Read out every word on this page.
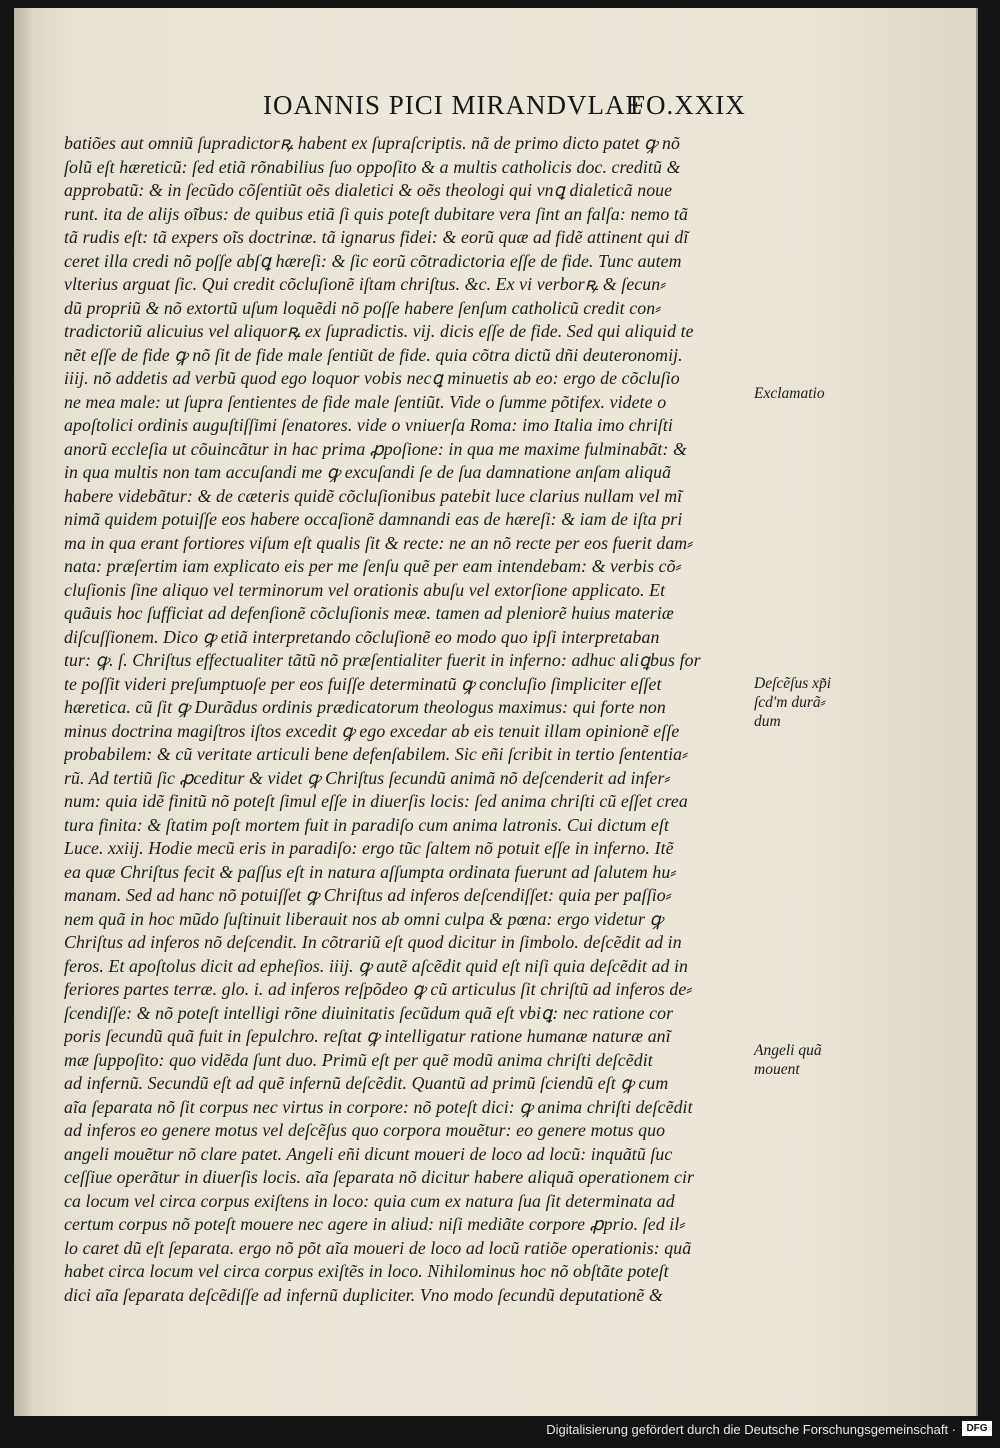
IOANNIS PICI MIRANDVLAE
FO.XXIX
batiões aut omniũ ſupradictorꝶ habent ex ſupraſcriptis. nã de primo dicto patet ꝙ nõ
ſolũ eſt hæreticũ: ſed etiã rõnabilius ſuo oppoſito & a multis catholicis doc. creditũ &
approbatũ: & in ſecũdo cõſentiũt oẽs dialetici & oẽs theologi qui vnꝗ dialeticã noue
runt. ita de alijs oĩbus: de quibus etiã ſi quis poteſt dubitare vera ſint an falſa: nemo tã
tã rudis eſt: tã expers oĩs doctrinæ. tã ignarus fidei: & eorũ quæ ad fidẽ attinent qui dĩ
ceret illa credi nõ poſſe abſꝗ hæreſi: & ſic eorũ cõtradictoria eſſe de fide. Tunc autem
vlterius arguat ſic. Qui credit cõcluſionẽ iſtam chriſtus. &c. Ex vi verborꝶ & ſecun⸗
dũ propriũ & nõ extortũ uſum loquẽdi nõ poſſe habere ſenſum catholicũ credit con⸗
tradictoriũ alicuius vel aliquorꝶ ex ſupradictis. vij. dicis eſſe de fide. Sed qui aliquid te
nẽt eſſe de fide ꝙ nõ ſit de fide male ſentiũt de fide. quia cõtra dictũ dñi deuteronomij.
iiij. nõ addetis ad verbũ quod ego loquor vobis necꝗ minuetis ab eo: ergo de cõcluſio
ne mea male: ut ſupra ſentientes de fide male ſentiũt. Vide o ſumme põtifex. videte o
apoſtolici ordinis auguſtiſſimi ſenatores. vide o vniuerſa Roma: imo Italia imo chriſti
anorũ eccleſia ut cõuincãtur in hac prima ꝓpoſione: in qua me maxime fulminabãt: &
in qua multis non tam accuſandi me ꝙ excuſandi ſe de ſua damnatione anſam aliquã
habere videbãtur: & de cæteris quidẽ cõcluſionibus patebit luce clarius nullam vel mĩ
nimã quidem potuiſſe eos habere occaſionẽ damnandi eas de hæreſi: & iam de iſta pri
ma in qua erant fortiores viſum eſt qualis ſit & recte: ne an nõ recte per eos fuerit dam⸗
nata: præſertim iam explicato eis per me ſenſu quẽ per eam intendebam: & verbis cõ⸗
cluſionis ſine aliquo vel terminorum vel orationis abuſu vel extorſione applicato. Et
quãuis hoc ſufficiat ad defenſionẽ cõcluſionis meæ. tamen ad pleniorẽ huius materiæ
diſcuſſionem. Dico ꝙ etiã interpretando cõcluſionẽ eo modo quo ipſi interpretaban
tur: ꝙ. ſ. Chriſtus effectualiter tãtũ nõ præſentialiter fuerit in inferno: adhuc aliꝗbus for
te poſſit videri preſumptuoſe per eos fuiſſe determinatũ ꝙ concluſio ſimpliciter eſſet
hæretica. cũ ſit ꝙ Durãdus ordinis prædicatorum theologus maximus: qui forte non
minus doctrina magiſtros iſtos excedit ꝙ ego excedar ab eis tenuit illam opinionẽ eſſe
probabilem: & cũ veritate articuli bene defenſabilem. Sic eñi ſcribit in tertio ſententia⸗
rũ. Ad tertiũ ſic ꝓceditur & videt ꝙ Chriſtus ſecundũ animã nõ deſcenderit ad infer⸗
num: quia idẽ finitũ nõ poteſt ſimul eſſe in diuerſis locis: ſed anima chriſti cũ eſſet crea
tura finita: & ſtatim poſt mortem fuit in paradiſo cum anima latronis. Cui dictum eſt
Luce. xxiij. Hodie mecũ eris in paradiſo: ergo tũc ſaltem nõ potuit eſſe in inferno. Itẽ
ea quæ Chriſtus fecit & paſſus eſt in natura aſſumpta ordinata fuerunt ad ſalutem hu⸗
manam. Sed ad hanc nõ potuiſſet ꝙ Chriſtus ad inferos deſcendiſſet: quia per paſſio⸗
nem quã in hoc mũdo ſuſtinuit liberauit nos ab omni culpa & pœna: ergo videtur ꝙ
Chriſtus ad inferos nõ deſcendit. In cõtrariũ eſt quod dicitur in ſimbolo. deſcẽdit ad in
feros. Et apoſtolus dicit ad epheſios. iiij. ꝙ autẽ aſcẽdit quid eſt niſi quia deſcẽdit ad in
feriores partes terræ. glo. i. ad inferos reſpõdeo ꝙ cũ articulus ſit chriſtũ ad inferos de⸗
ſcendiſſe: & nõ poteſt intelligi rõne diuinitatis ſecũdum quã eſt vbiꝗ: nec ratione cor
poris ſecundũ quã fuit in ſepulchro. reſtat ꝙ intelligatur ratione humanæ naturæ anĩ
mæ ſuppoſito: quo vidẽda ſunt duo. Primũ eſt per quẽ modũ anima chriſti deſcẽdit
ad infernũ. Secundũ eſt ad quẽ infernũ deſcẽdit. Quantũ ad primũ ſciendũ eſt ꝙ cum
aĩa ſeparata nõ ſit corpus nec virtus in corpore: nõ poteſt dici: ꝙ anima chriſti deſcẽdit
ad inferos eo genere motus vel deſcẽſus quo corpora mouẽtur: eo genere motus quo
angeli mouẽtur nõ clare patet. Angeli eñi dicunt moueri de loco ad locũ: inquãtũ ſuc
ceſſiue operãtur in diuerſis locis. aĩa ſeparata nõ dicitur habere aliquã operationem cir
ca locum vel circa corpus exiſtens in loco: quia cum ex natura ſua ſit determinata ad
certum corpus nõ poteſt mouere nec agere in aliud: niſi mediãte corpore ꝓprio. ſed il⸗
lo caret dũ eſt ſeparata. ergo nõ põt aĩa moueri de loco ad locũ ratiõe operationis: quã
habet circa locum vel circa corpus exiſtẽs in loco. Nihilominus hoc nõ obſtãte poteſt
dici aĩa ſeparata deſcẽdiſſe ad infernũ dupliciter. Vno modo ſecundũ deputationẽ &
Exclamatio
Deſcẽſus xp̃i
ſcd'm durã⸗
dum
Angeli quã
mouent
Digitalisierung gefördert durch die Deutsche Forschungsgemeinschaft ·	DFG
